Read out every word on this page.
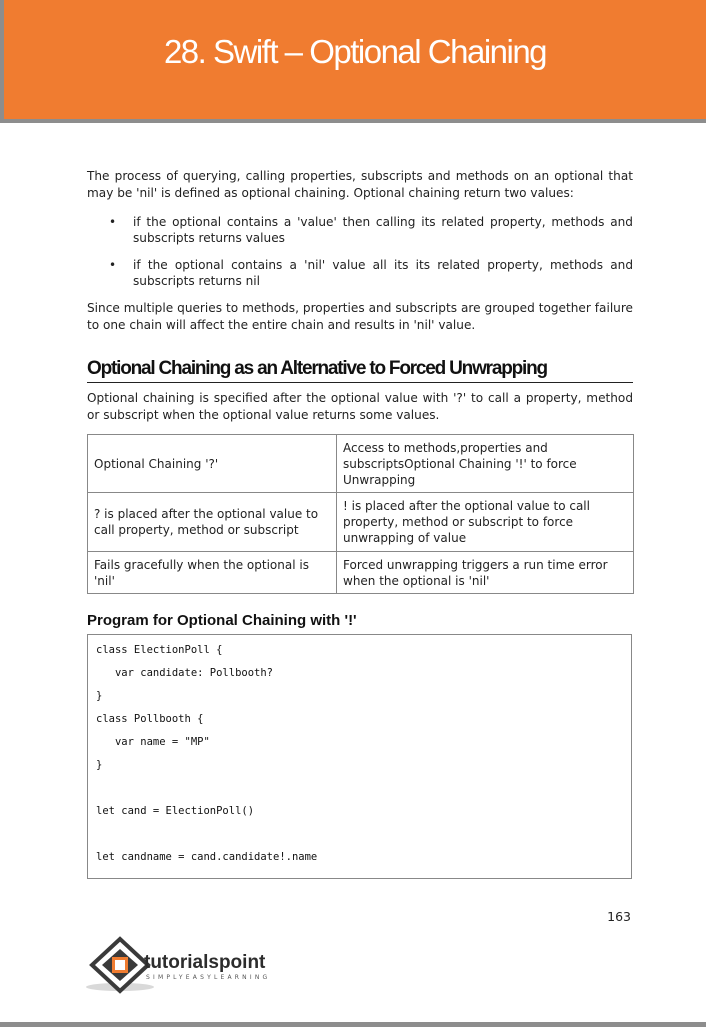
28. Swift – Optional Chaining

The process of querying, calling properties, subscripts and methods on an optional that may be 'nil' is defined as optional chaining. Optional chaining return two values:

• if the optional contains a 'value' then calling its related property, methods and subscripts returns values
• if the optional contains a 'nil' value all its its related property, methods and subscripts returns nil

Since multiple queries to methods, properties and subscripts are grouped together failure to one chain will affect the entire chain and results in 'nil' value.

Optional Chaining as an Alternative to Forced Unwrapping

Optional chaining is specified after the optional value with '?' to call a property, method or subscript when the optional value returns some values.

Optional Chaining '?'	Access to methods,properties and subscriptsOptional Chaining '!' to force Unwrapping
? is placed after the optional value to call property, method or subscript	! is placed after the optional value to call property, method or subscript to force unwrapping of value
Fails gracefully when the optional is 'nil'	Forced unwrapping triggers a run time error when the optional is 'nil'
Program for Optional Chaining with '!'
class ElectionPoll {
var candidate: Pollbooth?
}
class Pollbooth {
var name = "MP"
}
let cand = ElectionPoll()
let candname = cand.candidate!.name
163
tutorialspoint
SIMPLYEASYLEARNING
